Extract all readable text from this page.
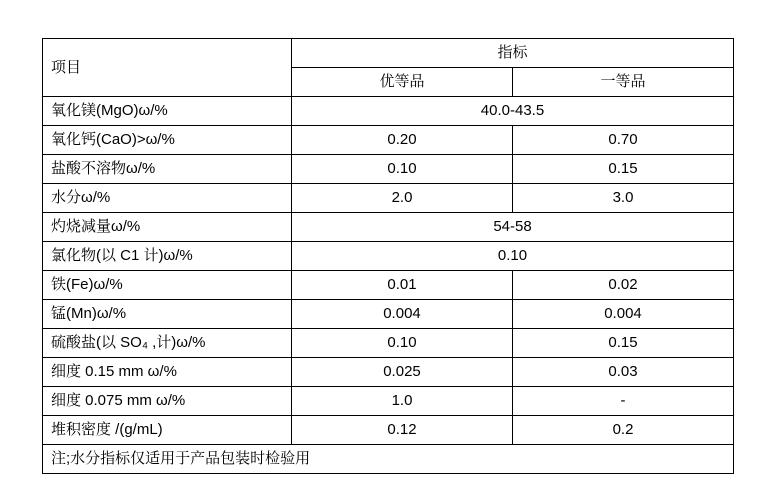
项目	指标	
	优等品	一等品
氧化镁(MgO)ω/%	40.0-43.5	
氧化钙(CaO)>ω/%	0.20	0.70
盐酸不溶物ω/%	0.10	0.15
水分ω/%	2.0	3.0
灼烧减量ω/%	54-58	
氯化物(以 C1 计)ω/%	0.10	
铁(Fe)ω/%	0.01	0.02
锰(Mn)ω/%	0.004	0.004
硫酸盐(以 SO₄ ,计)ω/%	0.10	0.15
细度 0.15 mm ω/%	0.025	0.03
细度 0.075 mm ω/%	1.0	-
堆积密度 /(g/mL)	0.12	0.2
注;水分指标仅适用于产品包装时检验用		
